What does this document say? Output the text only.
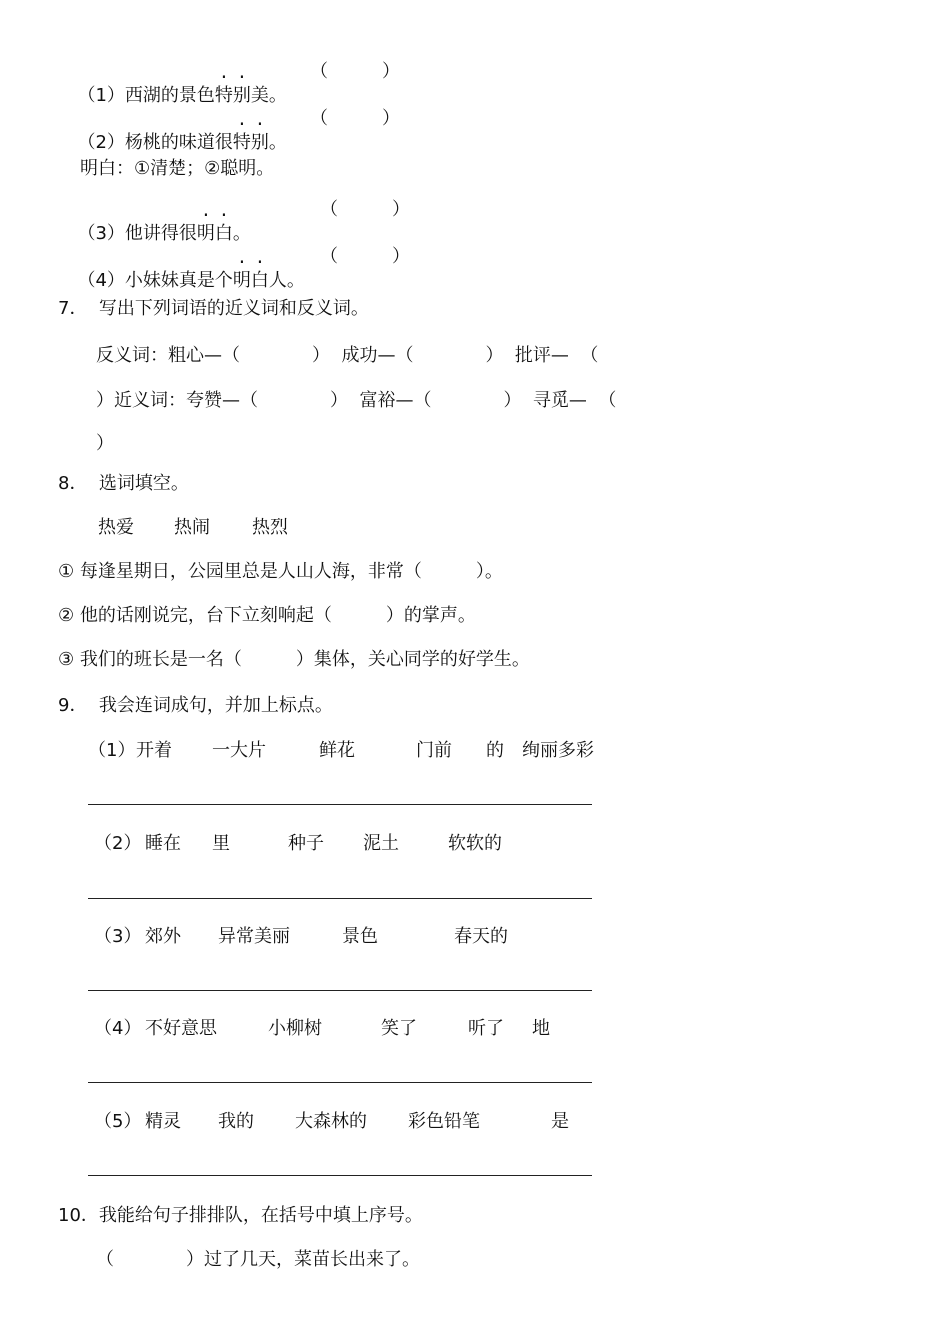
（1）西湖的景色特别美。

（　　　）

（2）杨桃的味道很特别。

（　　　）
明白：①清楚；②聪明。

（3）他讲得很明白。

（　　　）

（4）小妹妹真是个明白人。

（　　　）
7．  写出下列词语的近义词和反义词。
反义词：粗心—（　　　　）  成功—（　　　　）  批评—  （
）近义词：夸赞—（　　　　）  富裕—（　　　　）  寻觅—  （
）
8．  选词填空。
热爱 热闹 热烈
① 每逢星期日，公园里总是人山人海，非常（　　　）。
② 他的话刚说完，台下立刻响起（　　　）的掌声。
③ 我们的班长是一名（　　　）集体，关心同学的好学生。
9．  我会连词成句，并加上标点。
（1） 开着 一大片	鲜花	门前 的 绚丽多彩
（2） 睡在 里	种子 泥土	软软的
（3） 郊外 异常美丽	景色	春天的
（4） 不好意思	小柳树	笑了	听了 地
（5） 精灵 我的 大森林的 彩色铅笔	是
10．我能给句子排排队，在括号中填上序号。
（　　　　）过了几天，菜苗长出来了。
